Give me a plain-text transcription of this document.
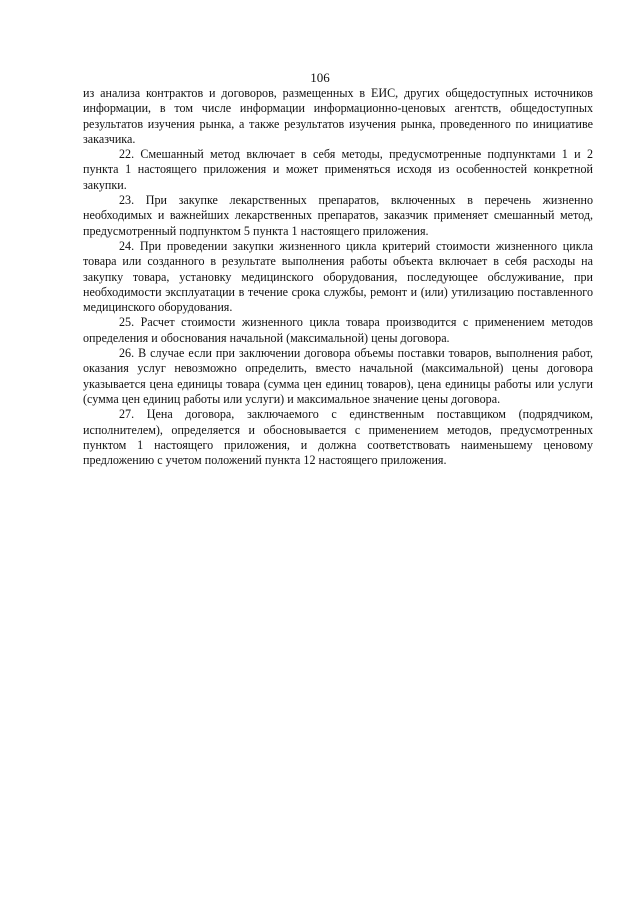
106

из анализа контрактов и договоров, размещенных в ЕИС, других общедоступных источников информации, в том числе информации информационно-ценовых агентств, общедоступных результатов изучения рынка, а также результатов изучения рынка, проведенного по инициативе заказчика.

22. Смешанный метод включает в себя методы, предусмотренные подпунктами 1 и 2 пункта 1 настоящего приложения и может применяться исходя из особенностей конкретной закупки.

23. При закупке лекарственных препаратов, включенных в перечень жизненно необходимых и важнейших лекарственных препаратов, заказчик применяет смешанный метод, предусмотренный подпунктом 5 пункта 1 настоящего приложения.

24. При проведении закупки жизненного цикла критерий стоимости жизненного цикла товара или созданного в результате выполнения работы объекта включает в себя расходы на закупку товара, установку медицинского оборудования, последующее обслуживание, при необходимости эксплуатации в течение срока службы, ремонт и (или) утилизацию поставленного медицинского оборудования.

25. Расчет стоимости жизненного цикла товара производится с применением методов определения и обоснования начальной (максимальной) цены договора.

26. В случае если при заключении договора объемы поставки товаров, выполнения работ, оказания услуг невозможно определить, вместо начальной (максимальной) цены договора указывается цена единицы товара (сумма цен единиц товаров), цена единицы работы или услуги (сумма цен единиц работы или услуги) и максимальное значение цены договора.

27. Цена договора, заключаемого с единственным поставщиком (подрядчиком, исполнителем), определяется и обосновывается с применением методов, предусмотренных пунктом 1 настоящего приложения, и должна соответствовать наименьшему ценовому предложению с учетом положений пункта 12 настоящего приложения.
